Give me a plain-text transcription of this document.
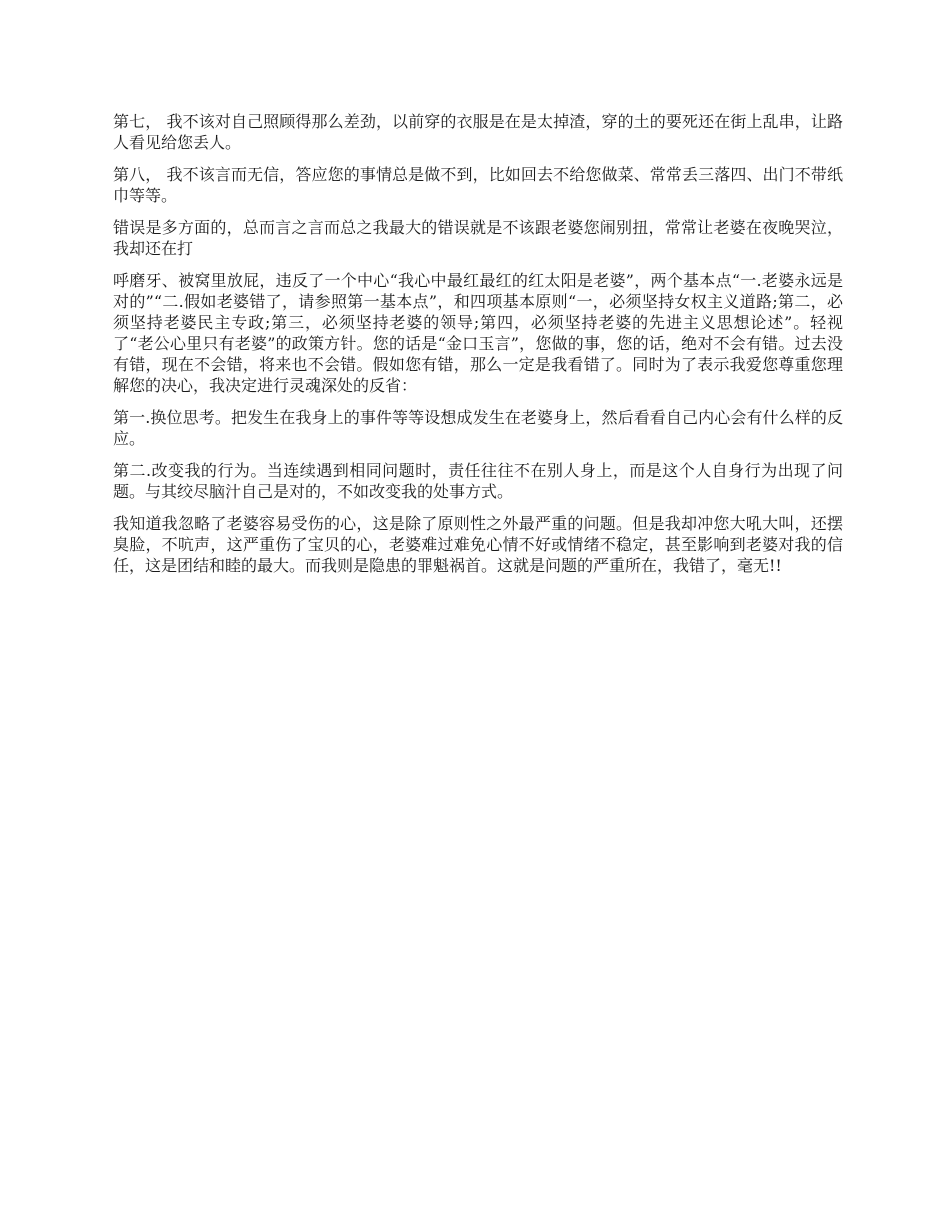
第七， 我不该对自己照顾得那么差劲，以前穿的衣服是在是太掉渣，穿的土的要死还在街上乱串，让路人看见给您丢人。

第八， 我不该言而无信，答应您的事情总是做不到，比如回去不给您做菜、常常丢三落四、出门不带纸巾等等。

错误是多方面的，总而言之言而总之我最大的错误就是不该跟老婆您闹别扭，常常让老婆在夜晚哭泣，我却还在打

呼磨牙、被窝里放屁，违反了一个中心“我心中最红最红的红太阳是老婆”，两个基本点“一.老婆永远是对的”“二.假如老婆错了，请参照第一基本点”，和四项基本原则“一，必须坚持女权主义道路;第二，必须坚持老婆民主专政;第三，必须坚持老婆的领导;第四，必须坚持老婆的先进主义思想论述”。轻视了“老公心里只有老婆”的政策方针。您的话是“金口玉言”，您做的事，您的话，绝对不会有错。过去没有错，现在不会错，将来也不会错。假如您有错，那么一定是我看错了。同时为了表示我爱您尊重您理解您的决心，我决定进行灵魂深处的反省：

第一.换位思考。把发生在我身上的事件等等设想成发生在老婆身上，然后看看自己内心会有什么样的反应。

第二.改变我的行为。当连续遇到相同问题时，责任往往不在别人身上，而是这个人自身行为出现了问题。与其绞尽脑汁自己是对的，不如改变我的处事方式。

我知道我忽略了老婆容易受伤的心，这是除了原则性之外最严重的问题。但是我却冲您大吼大叫，还摆臭脸，不吭声，这严重伤了宝贝的心，老婆难过难免心情不好或情绪不稳定，甚至影响到老婆对我的信任，这是团结和睦的最大。而我则是隐患的罪魁祸首。这就是问题的严重所在，我错了，毫无!!
